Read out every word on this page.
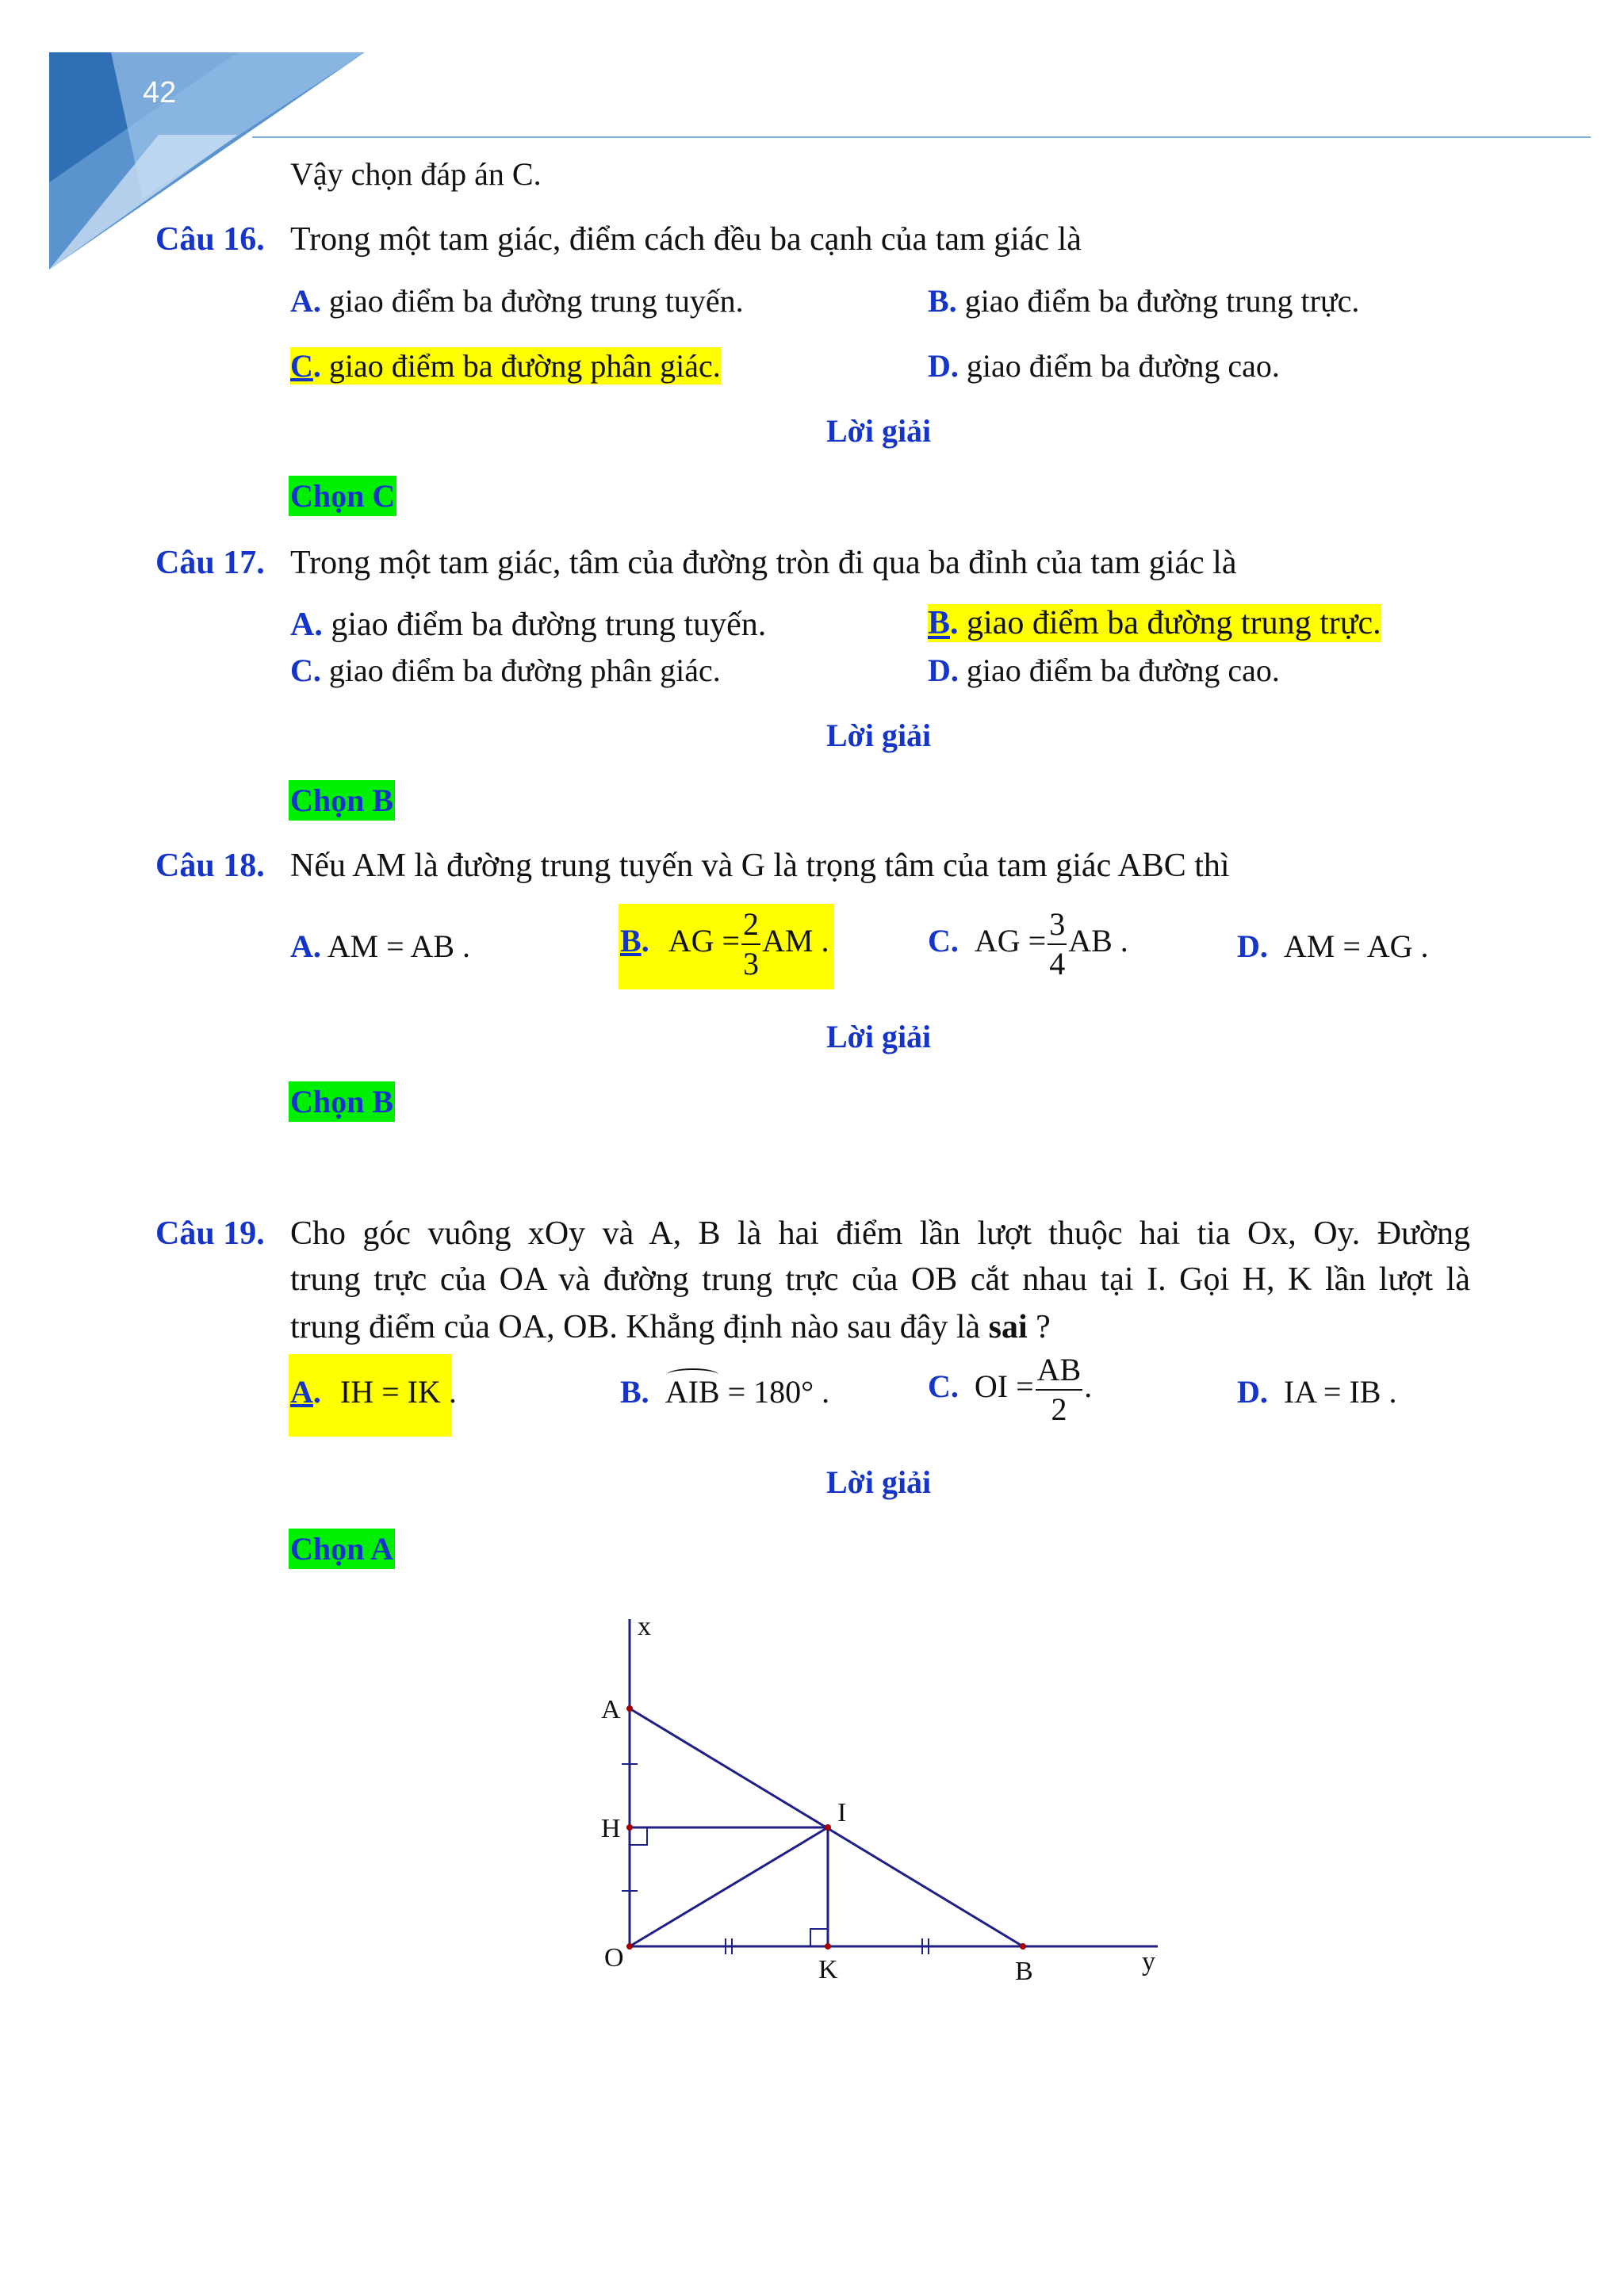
42
Vậy chọn đáp án C.
Câu 16. Trong một tam giác, điểm cách đều ba cạnh của tam giác là
A. giao điểm ba đường trung tuyến.	B. giao điểm ba đường trung trực.
C. giao điểm ba đường phân giác.	D. giao điểm ba đường cao.
Lời giải
Chọn C
Câu 17. Trong một tam giác, tâm của đường tròn đi qua ba đỉnh của tam giác là
A. giao điểm ba đường trung tuyến.	B. giao điểm ba đường trung trực.
C. giao điểm ba đường phân giác.	D. giao điểm ba đường cao.
Lời giải
Chọn B
Câu 18. Nếu AM là đường trung tuyến và G là trọng tâm của tam giác ABC thì
A. AM = AB .	B. AG = $\frac{2}{3}$ AM .	C. AG = $\frac{3}{4}$ AB .	D. AM = AG .
Lời giải
Chọn B
Câu 19. Cho góc vuông xOy và A, B là hai điểm lần lượt thuộc hai tia Ox, Oy. Đường
trung trực của OA và đường trung trực của OB cắt nhau tại I. Gọi H, K lần lượt là
trung điểm của OA, OB. Khẳng định nào sau đây là sai ?
A. IH = IK .	B. AIB = 180° .	C. OI = $\frac{AB}{2}$ .	D. IA = IB .
Lời giải
Chọn A
x
A
H
O
I
K	B	y
